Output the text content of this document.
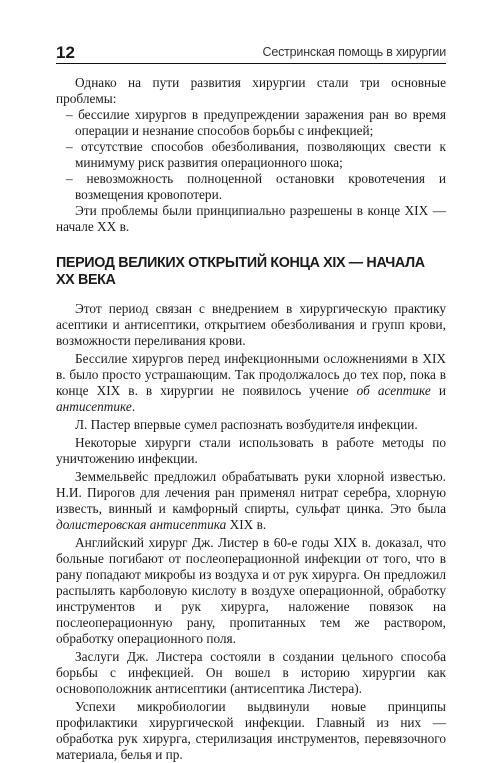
12	Сестринская помощь в хирургии

Однако на пути развития хирургии стали три основные проблемы:

– бессилие хирургов в предупреждении заражения ран во время операции и незнание способов борьбы с инфекцией;

– отсутствие способов обезболивания, позволяющих свести к минимуму риск развития операционного шока;

– невозможность полноценной остановки кровотечения и возмещения кровопотери.

Эти проблемы были принципиально разрешены в конце XIX — начале XX в.

ПЕРИОД ВЕЛИКИХ ОТКРЫТИЙ КОНЦА XIX — НАЧАЛА XX ВЕКА

Этот период связан с внедрением в хирургическую практику асептики и антисептики, открытием обезболивания и групп крови, возможности переливания крови.

Бессилие хирургов перед инфекционными осложнениями в XIX в. было просто устрашающим. Так продолжалось до тех пор, пока в конце XIX в. в хирургии не появилось учение об асептике и антисептике.

Л. Пастер впервые сумел распознать возбудителя инфекции.

Некоторые хирурги стали использовать в работе методы по уничтожению инфекции.

Земмельвейс предложил обрабатывать руки хлорной известью. Н.И. Пирогов для лечения ран применял нитрат серебра, хлорную известь, винный и камфорный спирты, сульфат цинка. Это была долистеровская антисептика XIX в.

Английский хирург Дж. Листер в 60-е годы XIX в. доказал, что больные погибают от послеоперационной инфекции от того, что в рану попадают микробы из воздуха и от рук хирурга. Он предложил распылять карболовую кислоту в воздухе операционной, обработку инструментов и рук хирурга, наложение повязок на послеоперационную рану, пропитанных тем же раствором, обработку операционного поля.

Заслуги Дж. Листера состояли в создании цельного способа борьбы с инфекцией. Он вошел в историю хирургии как основоположник антисептики (антисептика Листера).

Успехи микробиологии выдвинули новые принципы профилактики хирургической инфекции. Главный из них — обработка рук хирурга, стерилизация инструментов, перевязочного материала, белья и пр.
